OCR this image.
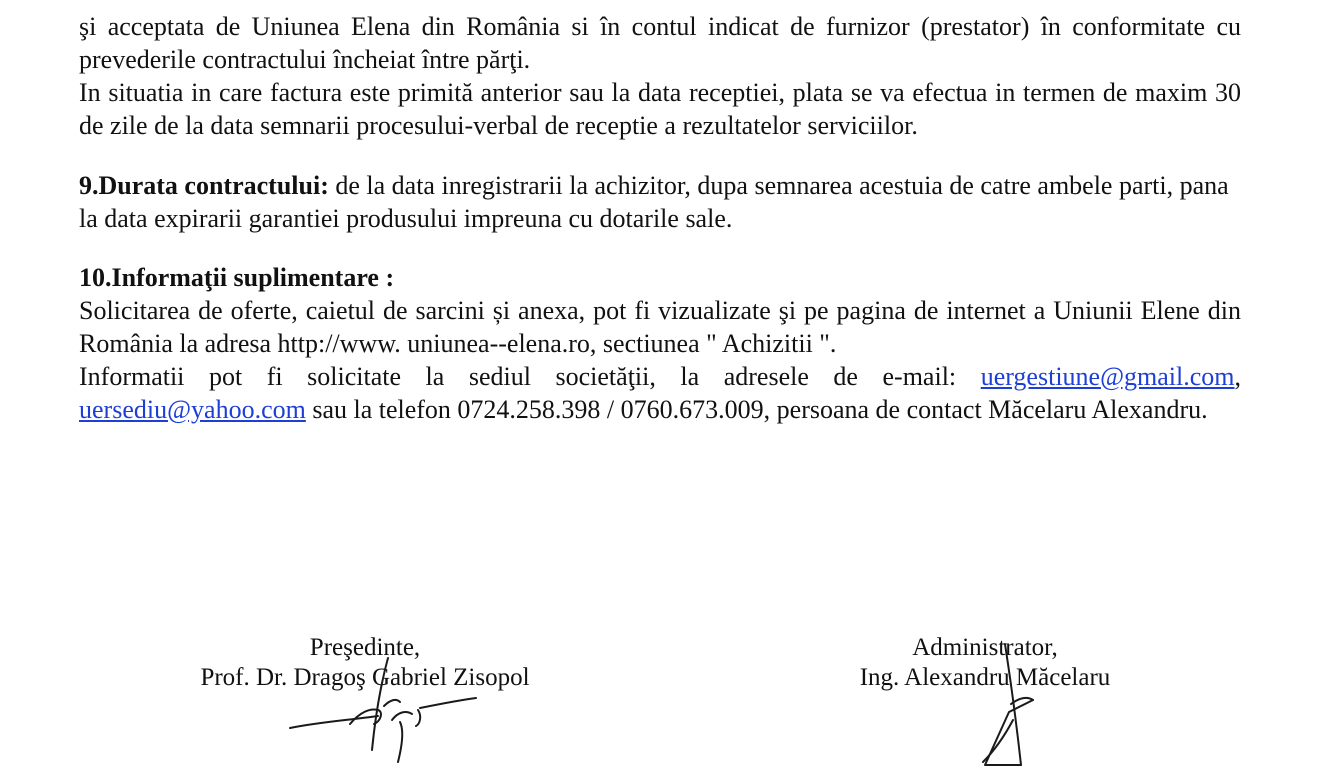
şi acceptata de Uniunea Elena din România si în contul indicat de furnizor (prestator) în conformitate cu prevederile contractului încheiat între părţi.

In situatia in care factura este primită anterior sau la data receptiei, plata se va efectua in termen de maxim 30 de zile de la data semnarii procesului-verbal de receptie a rezultatelor serviciilor.

9.Durata contractului: de la data inregistrarii la achizitor, dupa semnarea acestuia de catre ambele parti, pana la data expirarii garantiei produsului impreuna cu dotarile sale.

10.Informaţii suplimentare :

Solicitarea de oferte, caietul de sarcini și anexa, pot fi vizualizate şi pe pagina de internet a Uniunii Elene din România la adresa http://www. uniunea--elena.ro, sectiunea " Achizitii ".

Informatii pot fi solicitate la sediul societăţii, la adresele de e-mail: uergestiune@gmail.com, uersediu@yahoo.com sau la telefon 0724.258.398 / 0760.673.009, persoana de contact Măcelaru Alexandru.

Preşedinte,
Prof. Dr. Dragoş Gabriel Zisopol
Administrator,
Ing. Alexandru Măcelaru
